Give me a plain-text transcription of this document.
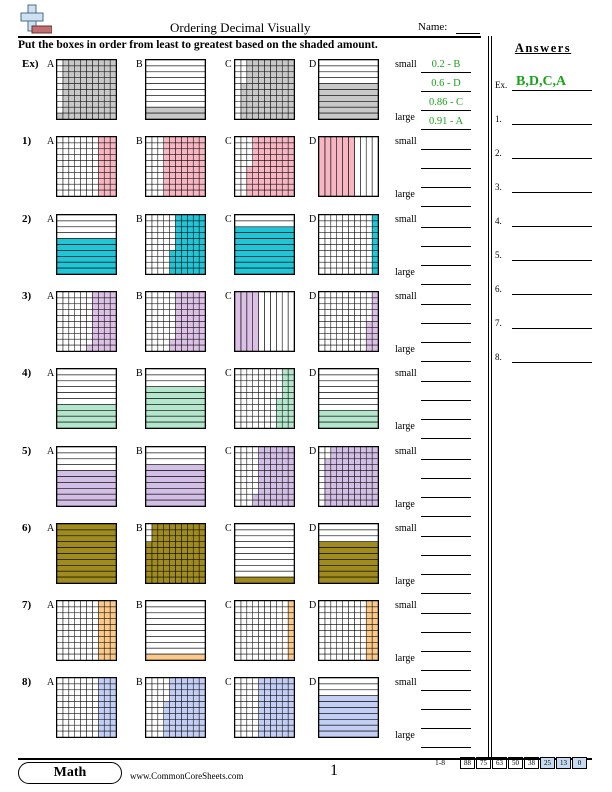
Ordering Decimal Visually	Name:
Put the boxes in order from least to greatest based on the shaded amount.	Answers
Ex. B,D,C,A
Ex) A	B	C	D	small
large
0.2 - B
0.6 - D
0.86 - C
0.91 - A
1) A	B	C	D	small
large
2) A	B	C	D	small
large
3) A	B	C	D	small
large
4) A	B	C	D	small
large
5) A	B	C	D	small
large
6) A	B	C	D	small
large
7) A	B	C	D	small
large
8) A	B	C	D	small
large
1.
2.
3.
4.
5.
6.
7.
8.
Math	www.CommonCoreSheets.com	1	1-8	88	75	63	50	38	25	13	0
